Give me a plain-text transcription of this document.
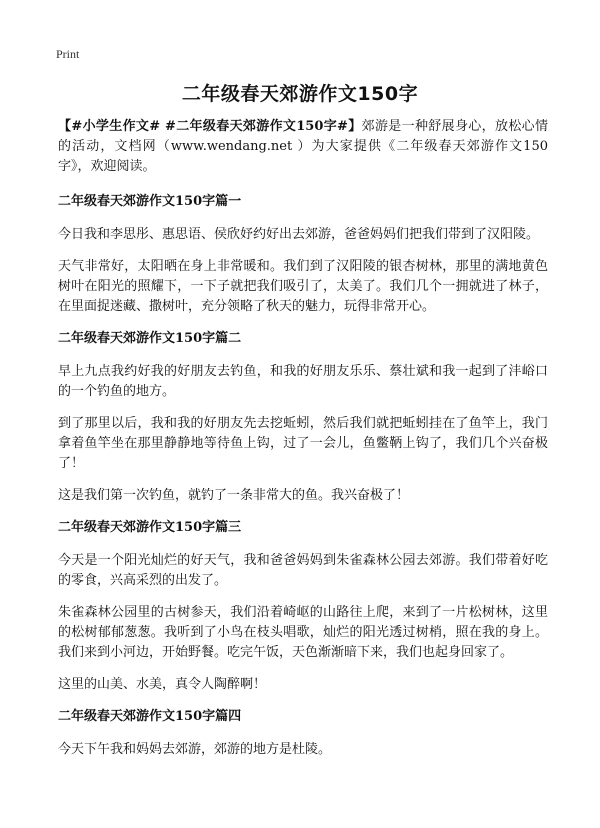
Print
二年级春天郊游作文150字

【#小学生作文# #二年级春天郊游作文150字#】郊游是一种舒展身心，放松心情的活动，文档网（www.wendang.net ）为大家提供《二年级春天郊游作文150字》，欢迎阅读。

二年级春天郊游作文150字篇一

今日我和李思彤、惠思语、侯欣妤约好出去郊游，爸爸妈妈们把我们带到了汉阳陵。

天气非常好，太阳晒在身上非常暖和。我们到了汉阳陵的银杏树林，那里的满地黄色树叶在阳光的照耀下，一下子就把我们吸引了，太美了。我们几个一拥就进了林子，在里面捉迷藏、撒树叶，充分领略了秋天的魅力，玩得非常开心。

二年级春天郊游作文150字篇二

早上九点我约好我的好朋友去钓鱼，和我的好朋友乐乐、蔡壮斌和我一起到了沣峪口的一个钓鱼的地方。

到了那里以后，我和我的好朋友先去挖蚯蚓，然后我们就把蚯蚓挂在了鱼竿上，我门拿着鱼竿坐在那里静静地等待鱼上钩，过了一会儿，鱼鳖鞆上钩了，我们几个兴奋极了！

这是我们第一次钓鱼，就钓了一条非常大的鱼。我兴奋极了！

二年级春天郊游作文150字篇三

今天是一个阳光灿烂的好天气，我和爸爸妈妈到朱雀森林公园去郊游。我们带着好吃的零食，兴高采烈的出发了。

朱雀森林公园里的古树参天，我们沿着崎岖的山路往上爬，来到了一片松树林，这里的松树郁郁葱葱。我听到了小鸟在枝头唱歌，灿烂的阳光透过树梢，照在我的身上。我们来到小河边，开始野餐。吃完午饭，天色渐渐暗下来，我们也起身回家了。

这里的山美、水美，真令人陶醉啊！

二年级春天郊游作文150字篇四

今天下午我和妈妈去郊游，郊游的地方是杜陵。
